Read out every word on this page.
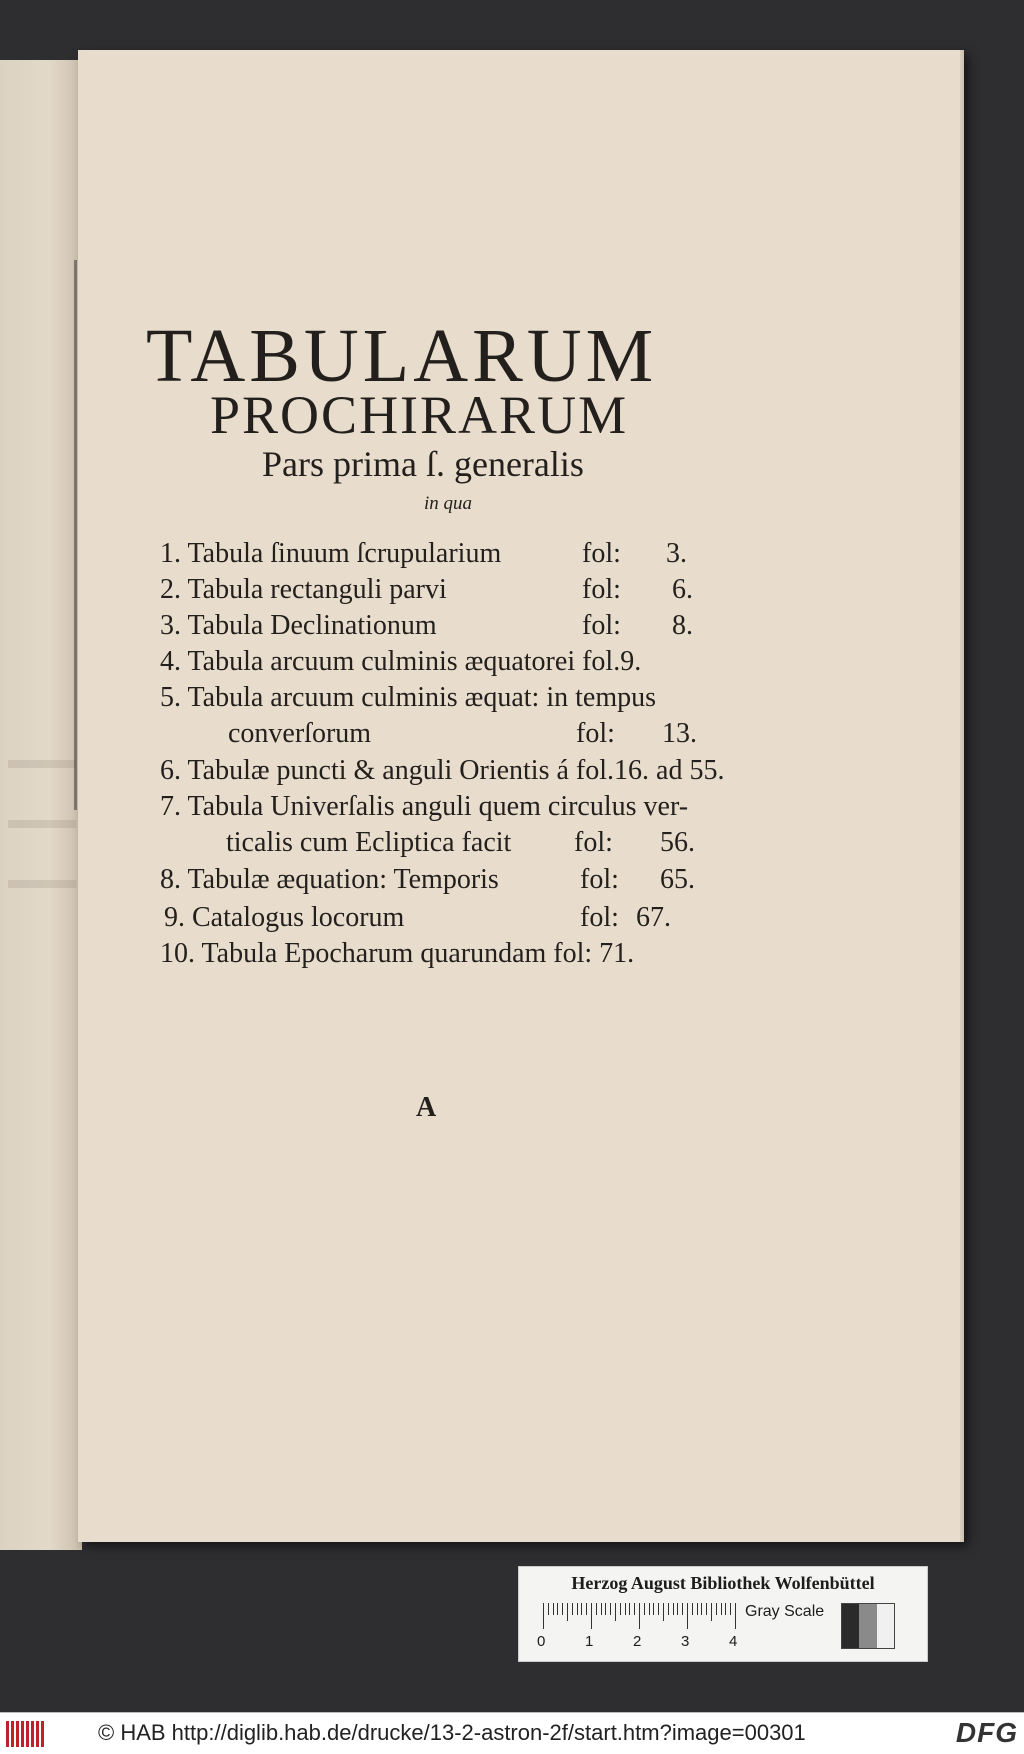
TABULARUM
PROCHIRARUM
Pars prima ſ. generalis
in qua
1. Tabula ſinuum ſcrupularium	fol: 3.
2. Tabula rectanguli parvi	fol: 6.
3. Tabula Declinationum	fol: 8.
4. Tabula arcuum culminis æquatorei fol.9.
5. Tabula arcuum culminis æquat: in tempus
converſorum	fol: 13.
6. Tabulæ puncti & anguli Orientis á fol.16. ad 55.
7. Tabula Univerſalis anguli quem circulus ver-
ticalis cum Ecliptica facit fol: 56.
8. Tabulæ æquation: Temporis	fol: 65.
9. Catalogus locorum	fol: 67.
10. Tabula Epocharum quarundam fol: 71.
A
Herzog August Bibliothek Wolfenbüttel
0	1	2	3	4
Gray Scale
© HAB http://diglib.hab.de/drucke/13-2-astron-2f/start.htm?image=00301	DFG
